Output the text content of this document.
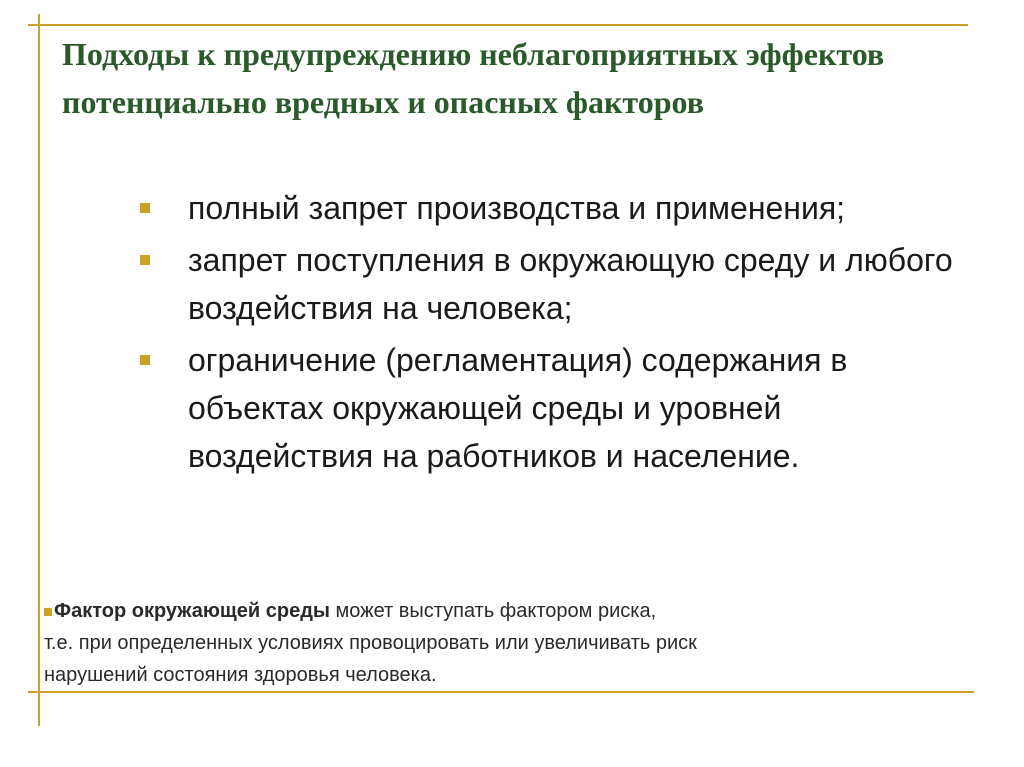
Подходы к предупреждению неблагоприятных эффектов потенциально вредных и опасных факторов
полный запрет производства и применения;
запрет поступления в окружающую среду и любого воздействия на человека;
ограничение (регламентация) содержания в объектах окружающей среды и уровней воздействия на работников и население.
Фактор окружающей среды может выступать фактором риска,
т.е. при определенных условиях провоцировать или увеличивать риск
нарушений состояния здоровья человека.
